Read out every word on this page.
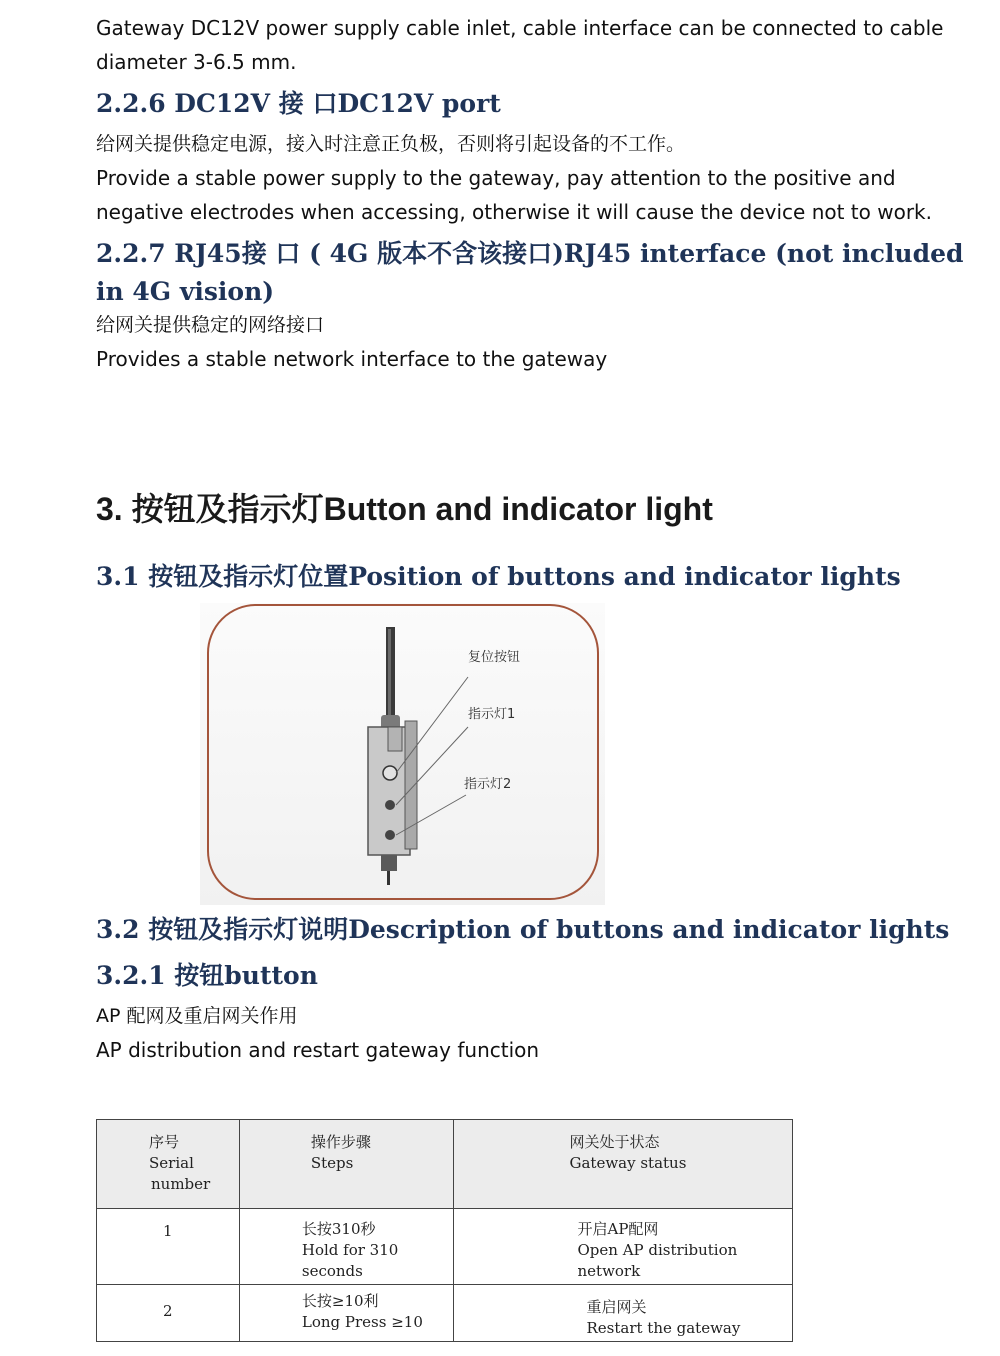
Gateway DC12V power supply cable inlet, cable interface can be connected to cable

diameter 3-6.5 mm.

2.2.6 DC12V 接 口DC12V port

给网关提供稳定电源，接入时注意正负极，否则将引起设备的不工作。

Provide a stable power supply to the gateway, pay attention to the positive and

negative electrodes when accessing, otherwise it will cause the device not to work.

2.2.7 RJ45接 口 ( 4G 版本不含该接口)RJ45 interface (not included
in 4G vision)

给网关提供稳定的网络接口

Provides a stable network interface to the gateway

3. 按钮及指示灯Button and indicator light
3.1 按钮及指示灯位置Position of buttons and indicator lights
复位按钮
指示灯1
指示灯2
3.2 按钮及指示灯说明Description of buttons and indicator lights
3.2.1 按钮button

AP 配网及重启网关作用

AP distribution and restart gateway function

序号
Serial
number	操作步骤
Steps	网关处于状态
Gateway status

1	长按310秒
Hold for 310
seconds	开启AP配网
Open AP distribution
network

2	长按≥10利
Long Press ≥10	重启网关
Restart the gateway
